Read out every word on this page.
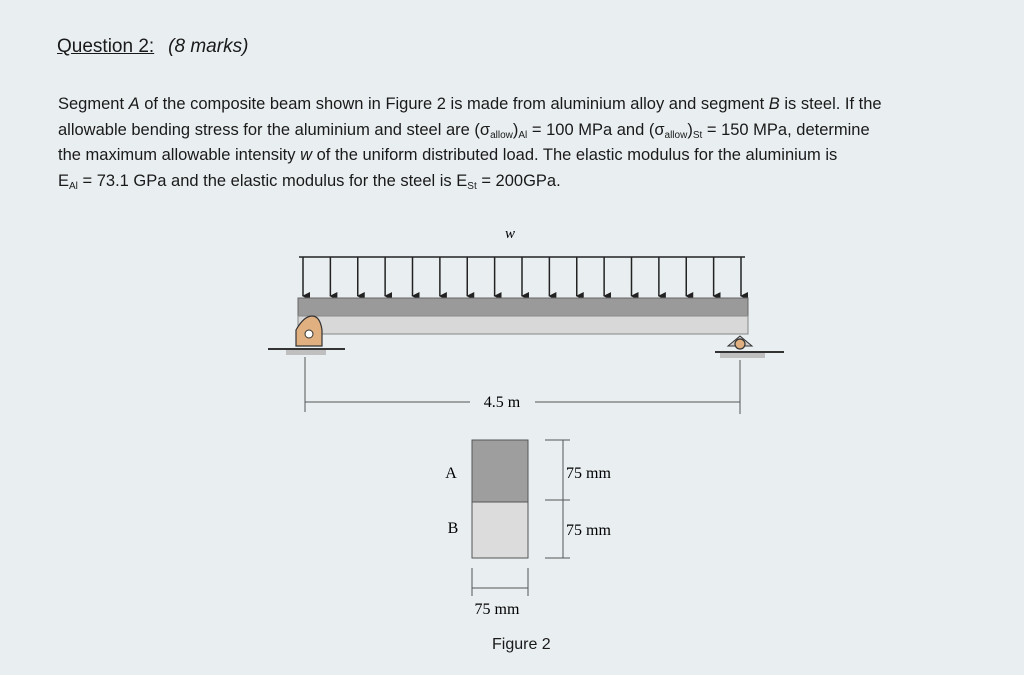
Question 2: (8 marks)

Segment A of the composite beam shown in Figure 2 is made from aluminium alloy and segment B is steel. If the

allowable bending stress for the aluminium and steel are $(\sigma_{allow})_{Al} = 100$ MPa and $(\sigma_{allow})_{St} = 150$ MPa, determine

the maximum allowable intensity w of the uniform distributed load. The elastic modulus for the aluminium is

$E_{Al} = 73.1$ GPa and the elastic modulus for the steel is $E_{St} = 200GPa$.

w
4.5 m
A
B
75 mm
75 mm
75 mm
Figure 2
